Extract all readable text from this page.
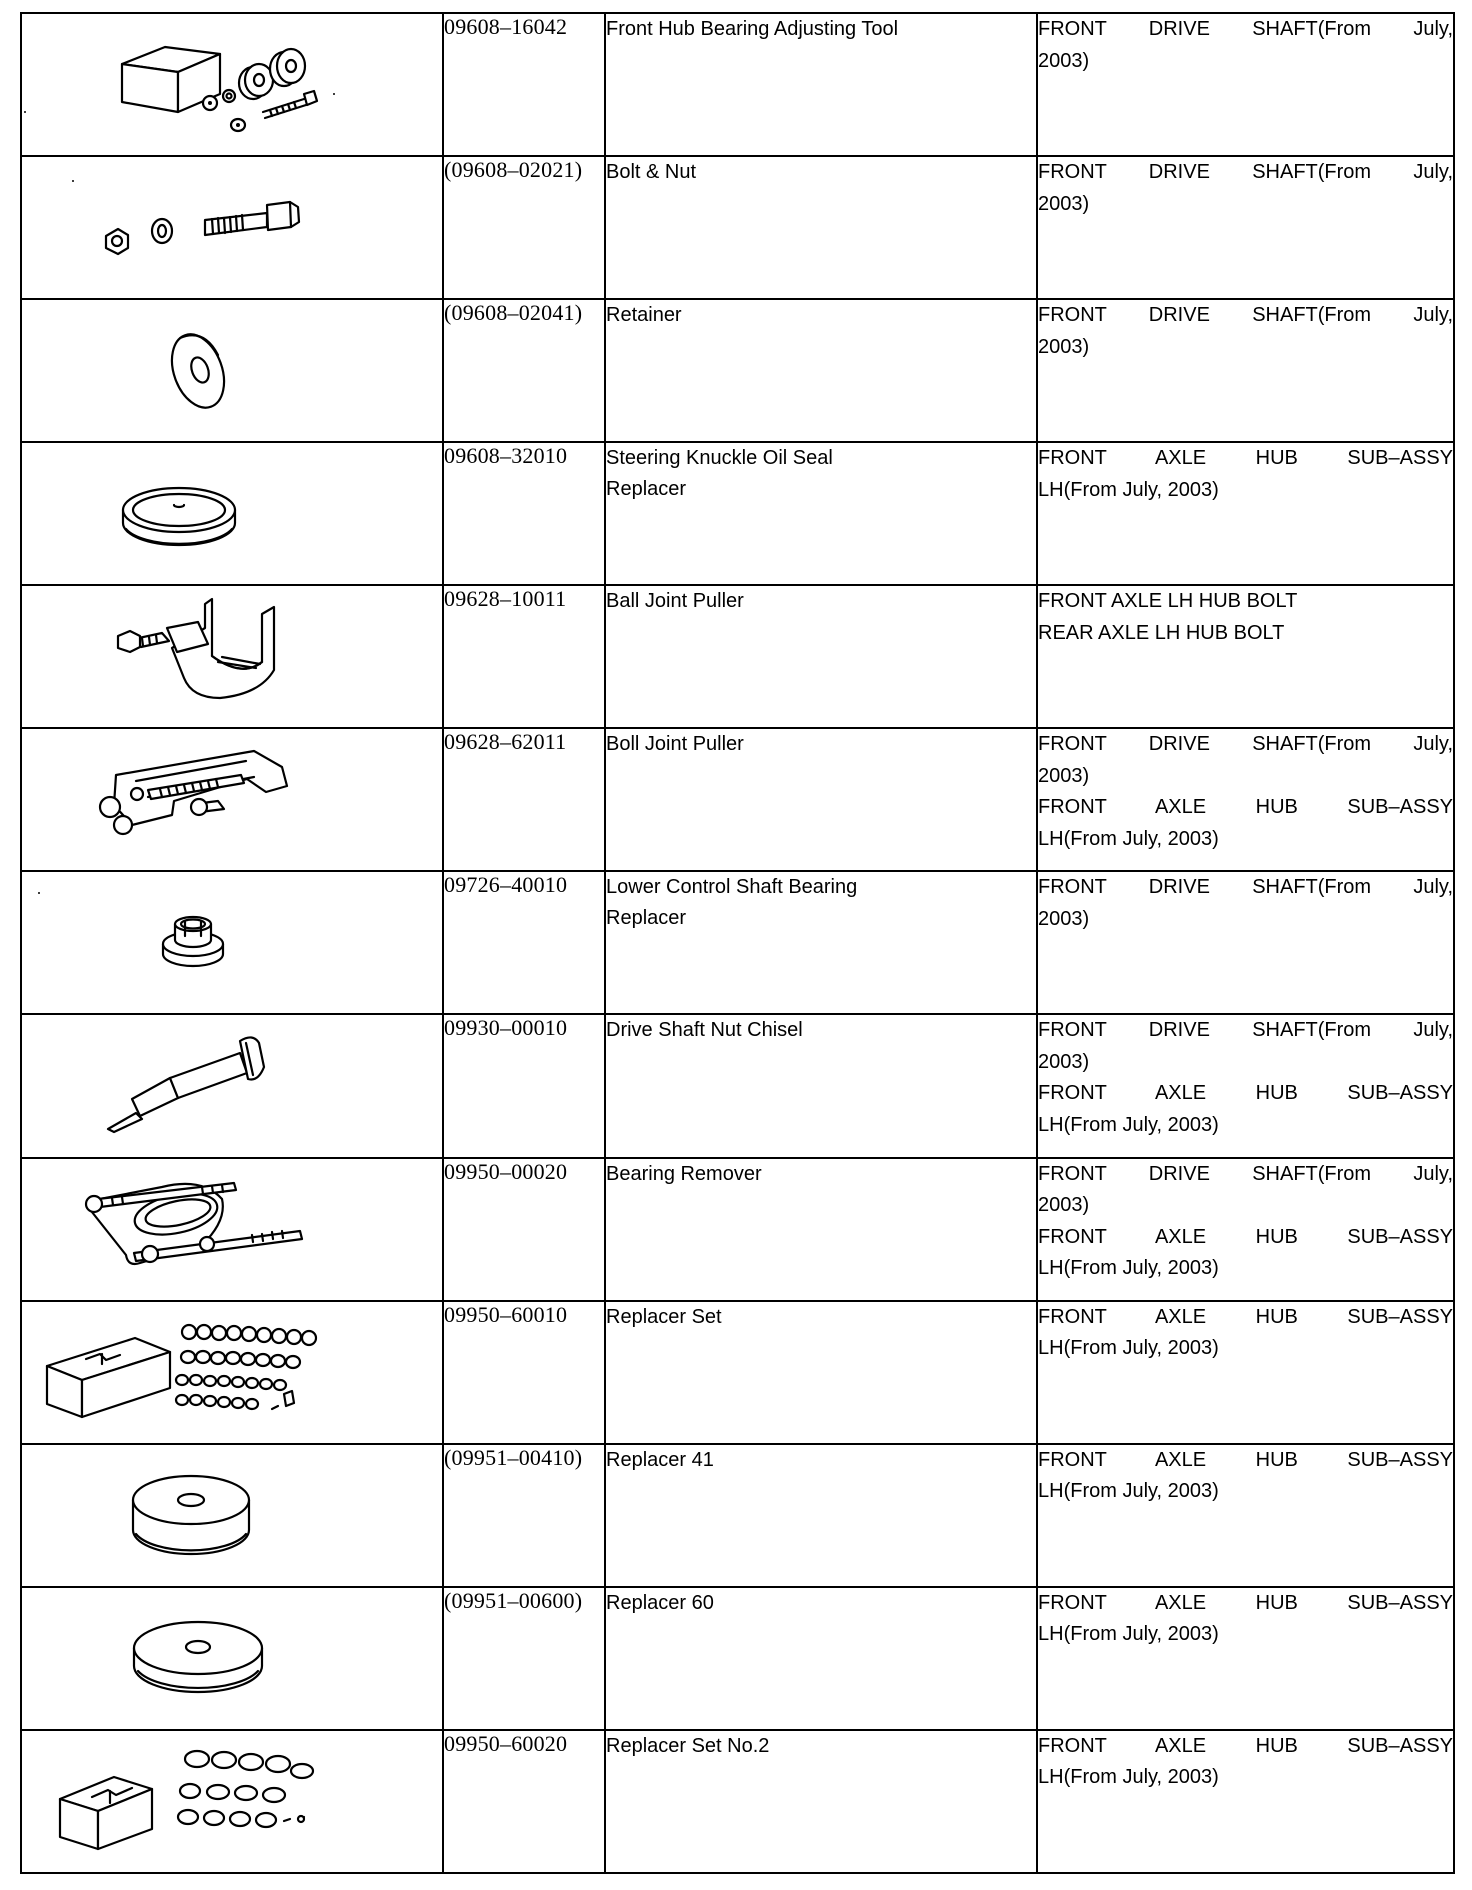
	09608–16042	Front Hub Bearing Adjusting Tool	FRONT DRIVE SHAFT(From July,
2003)

	(09608–02021)	Bolt & Nut	FRONT DRIVE SHAFT(From July,
2003)

	(09608–02041)	Retainer	FRONT DRIVE SHAFT(From July,
2003)

	09608–32010	Steering Knuckle Oil Seal
Replacer	FRONT AXLE HUB SUB–ASSY
LH(From July, 2003)

	09628–10011	Ball Joint Puller	FRONT AXLE LH HUB BOLT
REAR AXLE LH HUB BOLT

	09628–62011	Boll Joint Puller	FRONT DRIVE SHAFT(From July,
2003)
FRONT AXLE HUB SUB–ASSY
LH(From July, 2003)

	09726–40010	Lower Control Shaft Bearing
Replacer	FRONT DRIVE SHAFT(From July,
2003)

	09930–00010	Drive Shaft Nut Chisel	FRONT DRIVE SHAFT(From July,
2003)
FRONT AXLE HUB SUB–ASSY
LH(From July, 2003)

	09950–00020	Bearing Remover	FRONT DRIVE SHAFT(From July,
2003)
FRONT AXLE HUB SUB–ASSY
LH(From July, 2003)

	09950–60010	Replacer Set	FRONT AXLE HUB SUB–ASSY
LH(From July, 2003)

	(09951–00410)	Replacer 41	FRONT AXLE HUB SUB–ASSY
LH(From July, 2003)

	(09951–00600)	Replacer 60	FRONT AXLE HUB SUB–ASSY
LH(From July, 2003)

	09950–60020	Replacer Set No.2	FRONT AXLE HUB SUB–ASSY
LH(From July, 2003)
